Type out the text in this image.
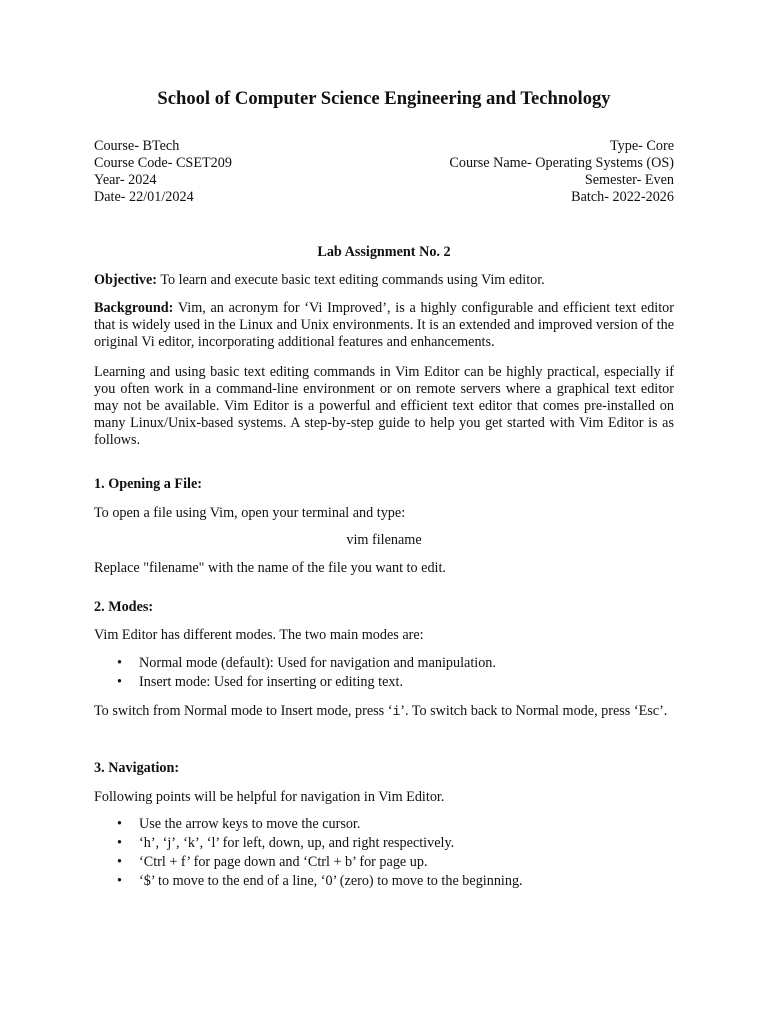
School of Computer Science Engineering and Technology
Course- BTech	Type- Core
Course Code- CSET209	Course Name- Operating Systems (OS)
Year- 2024	Semester- Even
Date- 22/01/2024	Batch- 2022-2026
Lab Assignment No. 2

Objective: To learn and execute basic text editing commands using Vim editor.

Background: Vim, an acronym for ‘Vi Improved’, is a highly configurable and efficient text editor that is widely used in the Linux and Unix environments. It is an extended and improved version of the original Vi editor, incorporating additional features and enhancements.

Learning and using basic text editing commands in Vim Editor can be highly practical, especially if you often work in a command-line environment or on remote servers where a graphical text editor may not be available. Vim Editor is a powerful and efficient text editor that comes pre-installed on many Linux/Unix-based systems. A step-by-step guide to help you get started with Vim Editor is as follows.

1. Opening a File:

To open a file using Vim, open your terminal and type:

vim filename

Replace "filename" with the name of the file you want to edit.

2. Modes:

Vim Editor has different modes. The two main modes are:

• Normal mode (default): Used for navigation and manipulation.
• Insert mode: Used for inserting or editing text.

To switch from Normal mode to Insert mode, press ‘i’. To switch back to Normal mode, press ‘Esc’.

3. Navigation:

Following points will be helpful for navigation in Vim Editor.

• Use the arrow keys to move the cursor.
• ‘h’, ‘j’, ‘k’, ‘l’ for left, down, up, and right respectively.
• ‘Ctrl + f’ for page down and ‘Ctrl + b’ for page up.
• ‘$’ to move to the end of a line, ‘0’ (zero) to move to the beginning.
